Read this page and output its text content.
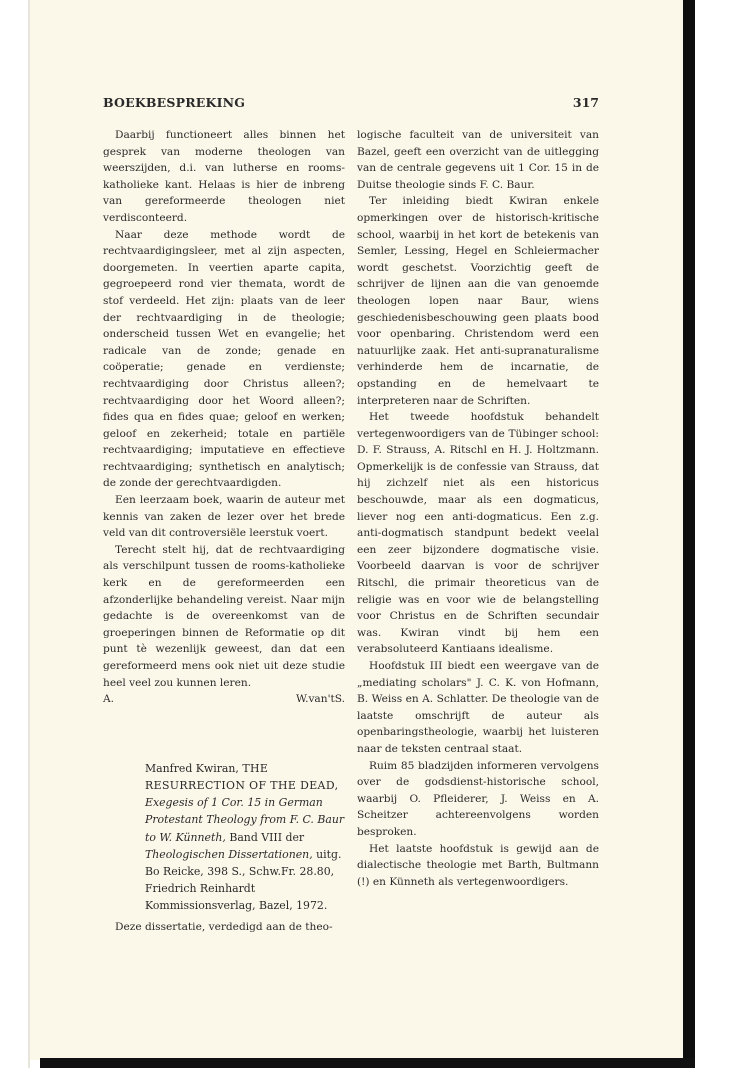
BOEKBESPREKING	317

Daarbij functioneert alles binnen het gesprek van moderne theologen van weerszijden, d.i. van lutherse en rooms-katholieke kant. Helaas is hier de inbreng van gereformeerde theologen niet verdisconteerd.

Naar deze methode wordt de rechtvaardigingsleer, met al zijn aspecten, doorgemeten. In veertien aparte capita, gegroepeerd rond vier themata, wordt de stof verdeeld. Het zijn: plaats van de leer der rechtvaardiging in de theologie; onderscheid tussen Wet en evangelie; het radicale van de zonde; genade en coöperatie; genade en verdienste; rechtvaardiging door Christus alleen?; rechtvaardiging door het Woord alleen?; fides qua en fides quae; geloof en werken; geloof en zekerheid; totale en partiële rechtvaardiging; imputatieve en effectieve rechtvaardiging; synthetisch en analytisch; de zonde der gerechtvaardigden.

Een leerzaam boek, waarin de auteur met kennis van zaken de lezer over het brede veld van dit controversiële leerstuk voert.

Terecht stelt hij, dat de rechtvaardiging als verschilpunt tussen de rooms-katholieke kerk en de gereformeerden een afzonderlijke behandeling vereist. Naar mijn gedachte is de overeenkomst van de groeperingen binnen de Reformatie op dit punt tè wezenlijk geweest, dan dat een gereformeerd mens ook niet uit deze studie heel veel zou kunnen leren.

A.	W.van'tS.
Manfred Kwiran, THE RESURRECTION OF THE DEAD, Exegesis of 1 Cor. 15 in German Protestant Theology from F. C. Baur to W. Künneth, Band VIII der Theologischen Dissertationen, uitg. Bo Reicke, 398 S., Schw.Fr. 28.80, Friedrich Reinhardt Kommissionsverlag, Bazel, 1972.

Deze dissertatie, verdedigd aan de theo-

logische faculteit van de universiteit van Bazel, geeft een overzicht van de uitlegging van de centrale gegevens uit 1 Cor. 15 in de Duitse theologie sinds F. C. Baur.

Ter inleiding biedt Kwiran enkele opmerkingen over de historisch-kritische school, waarbij in het kort de betekenis van Semler, Lessing, Hegel en Schleiermacher wordt geschetst. Voorzichtig geeft de schrijver de lijnen aan die van genoemde theologen lopen naar Baur, wiens geschiedenisbeschouwing geen plaats bood voor openbaring. Christendom werd een natuurlijke zaak. Het anti-supranaturalisme verhinderde hem de incarnatie, de opstanding en de hemelvaart te interpreteren naar de Schriften.

Het tweede hoofdstuk behandelt vertegenwoordigers van de Tübinger school: D. F. Strauss, A. Ritschl en H. J. Holtzmann. Opmerkelijk is de confessie van Strauss, dat hij zichzelf niet als een historicus beschouwde, maar als een dogmaticus, liever nog een anti-dogmaticus. Een z.g. anti-dogmatisch standpunt bedekt veelal een zeer bijzondere dogmatische visie. Voorbeeld daarvan is voor de schrijver Ritschl, die primair theoreticus van de religie was en voor wie de belangstelling voor Christus en de Schriften secundair was. Kwiran vindt bij hem een verabsoluteerd Kantiaans idealisme.

Hoofdstuk III biedt een weergave van de „mediating scholars" J. C. K. von Hofmann, B. Weiss en A. Schlatter. De theologie van de laatste omschrijft de auteur als openbaringstheologie, waarbij het luisteren naar de teksten centraal staat.

Ruim 85 bladzijden informeren vervolgens over de godsdienst-historische school, waarbij O. Pfleiderer, J. Weiss en A. Scheitzer achtereenvolgens worden besproken.

Het laatste hoofdstuk is gewijd aan de dialectische theologie met Barth, Bultmann (!) en Künneth als vertegenwoordigers.
